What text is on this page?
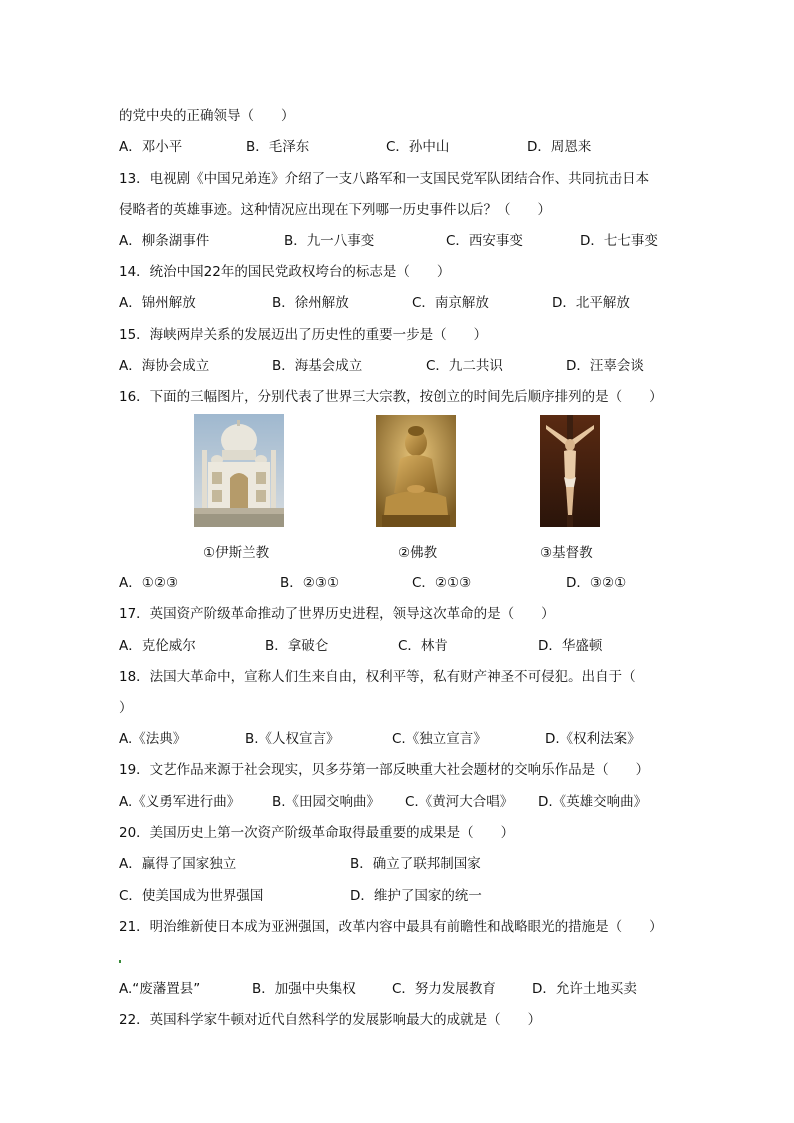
的党中央的正确领导（　　）
A．邓小平	B．毛泽东	C．孙中山	D．周恩来
13．电视剧《中国兄弟连》介绍了一支八路军和一支国民党军队团结合作、共同抗击日本
侵略者的英雄事迹。这种情况应出现在下列哪一历史事件以后？（　　）
A．柳条湖事件	B．九一八事变	C．西安事变	D．七七事变
14．统治中国22年的国民党政权垮台的标志是（　　）
A．锦州解放	B．徐州解放	C．南京解放	D．北平解放
15．海峡两岸关系的发展迈出了历史性的重要一步是（　　）
A．海协会成立	B．海基会成立	C．九二共识	D．汪辜会谈
16．下面的三幅图片，分别代表了世界三大宗教，按创立的时间先后顺序排列的是（　　）
①伊斯兰教	②佛教	③基督教
A．①②③	B．②③①	C．②①③	D．③②①
17．英国资产阶级革命推动了世界历史进程，领导这次革命的是（　　）
A．克伦威尔	B．拿破仑	C．林肯	D．华盛顿
18．法国大革命中，宣称人们生来自由，权利平等，私有财产神圣不可侵犯。出自于（
）
A.《法典》	B.《人权宣言》	C.《独立宣言》	D.《权利法案》
19．文艺作品来源于社会现实，贝多芬第一部反映重大社会题材的交响乐作品是（　　）
A.《义勇军进行曲》 B.《田园交响曲》 C.《黄河大合唱》 D.《英雄交响曲》
20．美国历史上第一次资产阶级革命取得最重要的成果是（　　）
A．赢得了国家独立	B．确立了联邦制国家
C．使美国成为世界强国	D．维护了国家的统一
21．明治维新使日本成为亚洲强国，改革内容中最具有前瞻性和战略眼光的措施是（　　）
A.“废藩置县”	B．加强中央集权	C．努力发展教育	D．允许土地买卖
22．英国科学家牛顿对近代自然科学的发展影响最大的成就是（　　）
